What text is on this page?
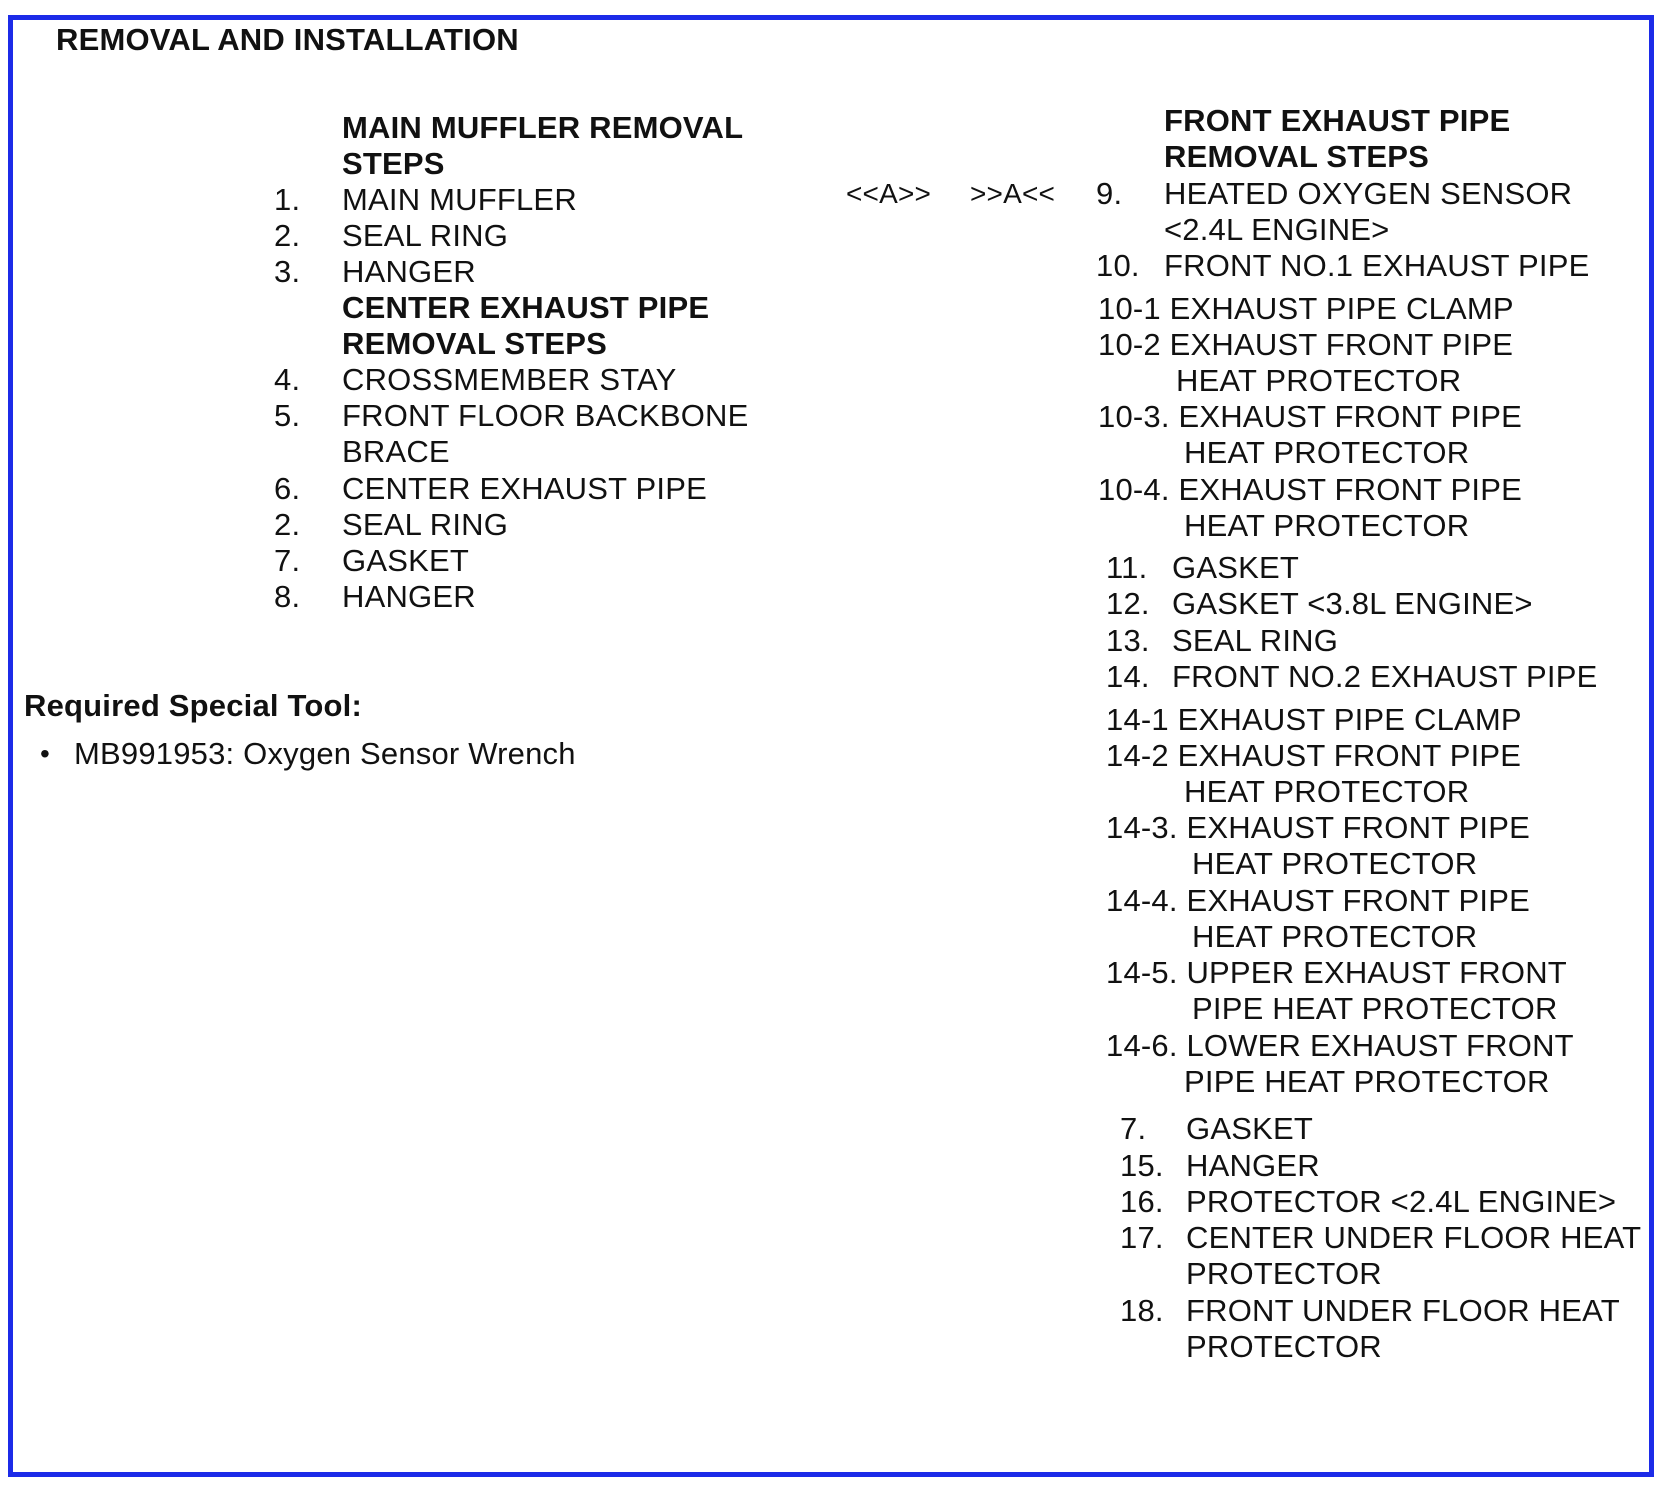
REMOVAL AND INSTALLATION
MAIN MUFFLER REMOVAL
STEPS
1. MAIN MUFFLER
2. SEAL RING
3. HANGER
CENTER EXHAUST PIPE
REMOVAL STEPS
4. CROSSMEMBER STAY
5. FRONT FLOOR BACKBONE
BRACE
6. CENTER EXHAUST PIPE
2. SEAL RING
7. GASKET
8. HANGER
Required Special Tool:
• MB991953: Oxygen Sensor Wrench
<<A>> >>A<<
FRONT EXHAUST PIPE
REMOVAL STEPS
9. HEATED OXYGEN SENSOR
<2.4L ENGINE>
10. FRONT NO.1 EXHAUST PIPE
10-1 EXHAUST PIPE CLAMP
10-2 EXHAUST FRONT PIPE
HEAT PROTECTOR
10-3. EXHAUST FRONT PIPE
HEAT PROTECTOR
10-4. EXHAUST FRONT PIPE
HEAT PROTECTOR
11. GASKET
12. GASKET <3.8L ENGINE>
13. SEAL RING
14. FRONT NO.2 EXHAUST PIPE
14-1 EXHAUST PIPE CLAMP
14-2 EXHAUST FRONT PIPE
HEAT PROTECTOR
14-3. EXHAUST FRONT PIPE
HEAT PROTECTOR
14-4. EXHAUST FRONT PIPE
HEAT PROTECTOR
14-5. UPPER EXHAUST FRONT
PIPE HEAT PROTECTOR
14-6. LOWER EXHAUST FRONT
PIPE HEAT PROTECTOR
7. GASKET
15. HANGER
16. PROTECTOR <2.4L ENGINE>
17. CENTER UNDER FLOOR HEAT
PROTECTOR
18. FRONT UNDER FLOOR HEAT
PROTECTOR
